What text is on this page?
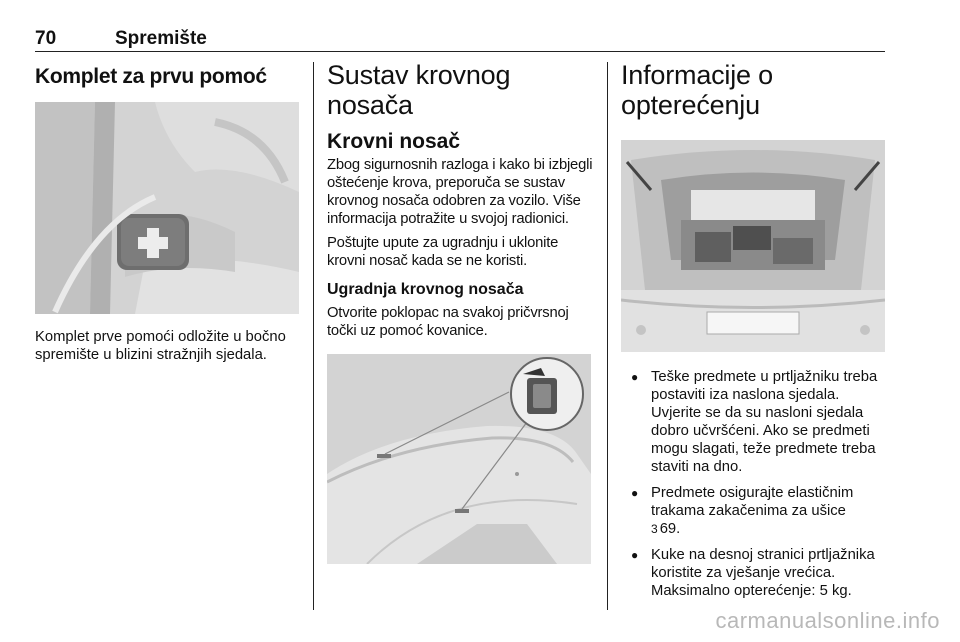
70	Spremište
Komplet za prvu pomoć

Komplet prve pomoći odložite u bočno spremište u blizini stražnjih sjedala.

Sustav krovnog nosača
Krovni nosač

Zbog sigurnosnih razloga i kako bi izbjegli oštećenje krova, preporuča se sustav krovnog nosača odobren za vozilo. Više informacija potražite u svojoj radionici.

Poštujte upute za ugradnju i uklonite krovni nosač kada se ne koristi.

Ugradnja krovnog nosača

Otvorite poklopac na svakoj pričvrsnoj točki uz pomoć kovanice.

Informacije o opterećenju
● Teške predmete u prtljažniku treba postaviti iza naslona sjedala. Uvjerite se da su nasloni sjedala dobro učvršćeni. Ako se predmeti mogu slagati, teže predmete treba staviti na dno.
● Predmete osigurajte elastičnim trakama zakačenima za ušice
3 69.
● Kuke na desnoj stranici prtljažnika koristite za vješanje vrećica. Maksimalno opterećenje: 5 kg.
carmanualsonline.info
